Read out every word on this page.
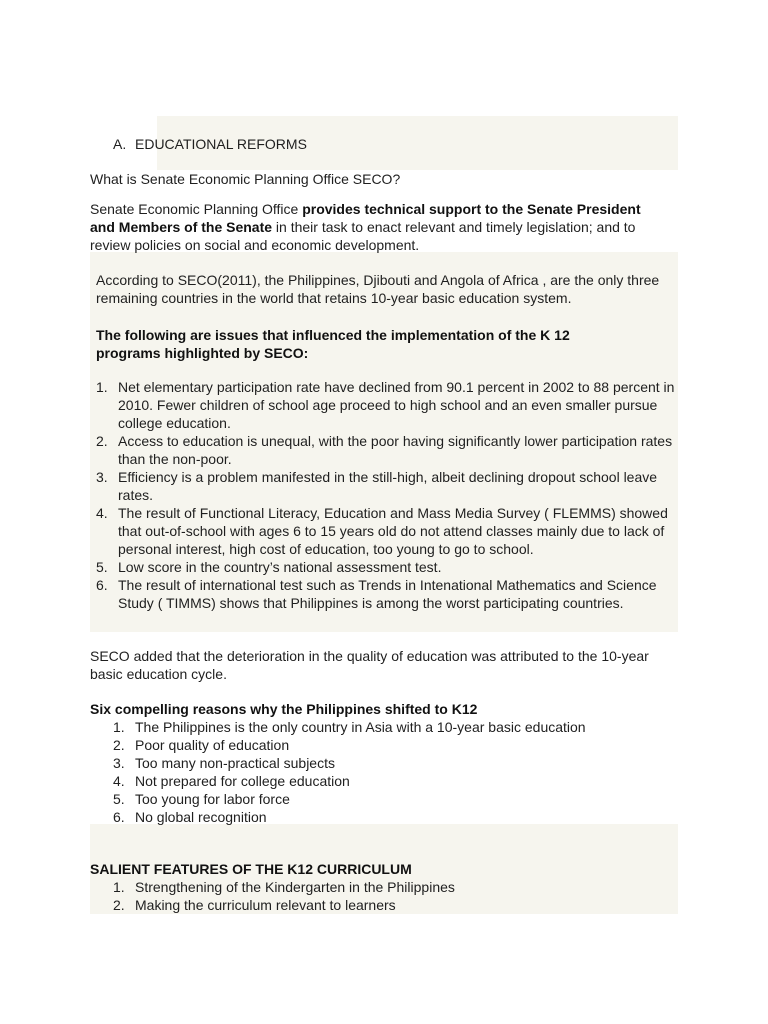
A. EDUCATIONAL REFORMS
What is Senate Economic Planning Office SECO?
Senate Economic Planning Office provides technical support to the Senate President and Members of the Senate in their task to enact relevant and timely legislation; and to review policies on social and economic development.
According to SECO(2011), the Philippines, Djibouti and Angola of Africa , are the only three remaining countries in the world that retains 10-year basic education system.
The following are issues that influenced the implementation of the K 12 programs highlighted by SECO:
1. Net elementary participation rate have declined from 90.1 percent in 2002 to 88 percent in 2010. Fewer children of school age proceed to high school and an even smaller pursue college education.
2. Access to education is unequal, with the poor having significantly lower participation rates than the non-poor.
3. Efficiency is a problem manifested in the still-high, albeit declining dropout school leave rates.
4. The result of Functional Literacy, Education and Mass Media Survey ( FLEMMS) showed that out-of-school with ages 6 to 15 years old do not attend classes mainly due to lack of personal interest, high cost of education, too young to go to school.
5. Low score in the country’s national assessment test.
6. The result of international test such as Trends in Intenational Mathematics and Science Study ( TIMMS) shows that Philippines is among the worst participating countries.
SECO added that the deterioration in the quality of education was attributed to the 10-year basic education cycle.
Six compelling reasons why the Philippines shifted to K12
1. The Philippines is the only country in Asia with a 10-year basic education
2. Poor quality of education
3. Too many non-practical subjects
4. Not prepared for college education
5. Too young for labor force
6. No global recognition
SALIENT FEATURES OF THE K12 CURRICULUM
1. Strengthening of the Kindergarten in the Philippines
2. Making the curriculum relevant to learners
